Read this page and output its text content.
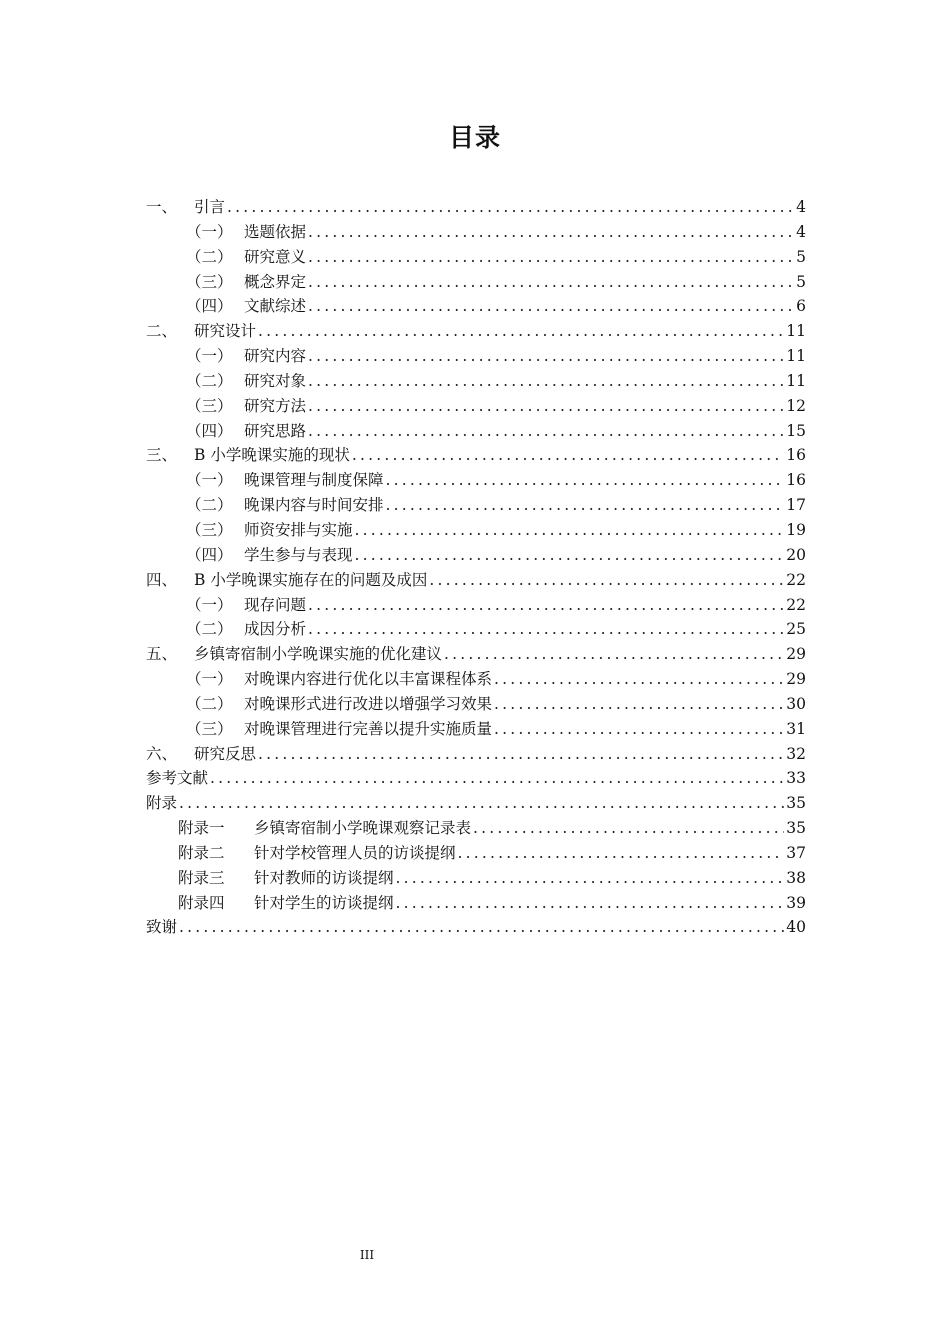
目录
一、	引言 .....	4
（一） 选题依据 .....	4
（二） 研究意义 .....	5
（三） 概念界定 .....	5
（四） 文献综述 .....	6
二、	研究设计 .....	11
（一） 研究内容 .....	11
（二） 研究对象 .....	11
（三） 研究方法 .....	12
（四） 研究思路 .....	15
三、	B 小学晚课实施的现状 .....	16
（一） 晚课管理与制度保障 .....	16
（二） 晚课内容与时间安排 .....	17
（三） 师资安排与实施 .....	19
（四） 学生参与与表现 .....	20
四、	B 小学晚课实施存在的问题及成因 .....	22
（一） 现存问题 .....	22
（二） 成因分析 .....	25
五、	乡镇寄宿制小学晚课实施的优化建议 .....	29
（一） 对晚课内容进行优化以丰富课程体系 .....	29
（二） 对晚课形式进行改进以增强学习效果 .....	30
（三） 对晚课管理进行完善以提升实施质量 .....	31
六、	研究反思 .....	32
参考文献 .....	33
附录 .....	35
附录一	乡镇寄宿制小学晚课观察记录表 .....	35
附录二	针对学校管理人员的访谈提纲 .....	37
附录三	针对教师的访谈提纲 .....	38
附录四	针对学生的访谈提纲 .....	39
致谢 .....	40
III
